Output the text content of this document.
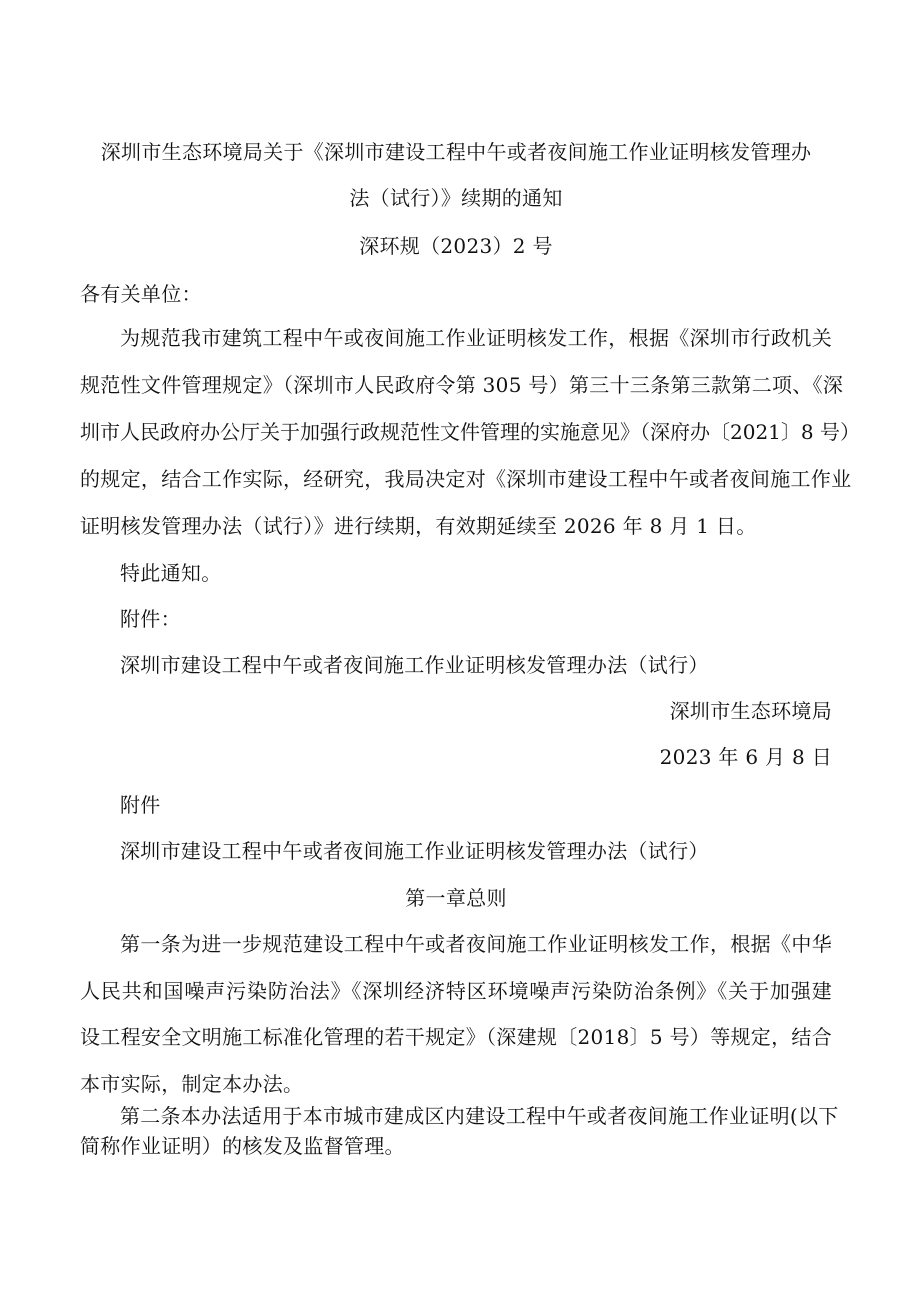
深圳市生态环境局关于《深圳市建设工程中午或者夜间施工作业证明核发管理办
法（试行）》续期的通知
深环规（2023）2 号
各有关单位：
为规范我市建筑工程中午或夜间施工作业证明核发工作，根据《深圳市行政机关
规范性文件管理规定》（深圳市人民政府令第 305 号）第三十三条第三款第二项、《深
圳市人民政府办公厅关于加强行政规范性文件管理的实施意见》（深府办〔2021〕8 号）
的规定，结合工作实际，经研究，我局决定对《深圳市建设工程中午或者夜间施工作业
证明核发管理办法（试行）》进行续期，有效期延续至 2026 年 8 月 1 日。
特此通知。
附件：
深圳市建设工程中午或者夜间施工作业证明核发管理办法（试行）
深圳市生态环境局
2023 年 6 月 8 日
附件
深圳市建设工程中午或者夜间施工作业证明核发管理办法（试行）
第一章总则
第一条为进一步规范建设工程中午或者夜间施工作业证明核发工作，根据《中华
人民共和国噪声污染防治法》《深圳经济特区环境噪声污染防治条例》《关于加强建
设工程安全文明施工标准化管理的若干规定》（深建规〔2018〕5 号）等规定，结合
本市实际，制定本办法。
第二条本办法适用于本市城市建成区内建设工程中午或者夜间施工作业证明(以下
简称作业证明）的核发及监督管理。
